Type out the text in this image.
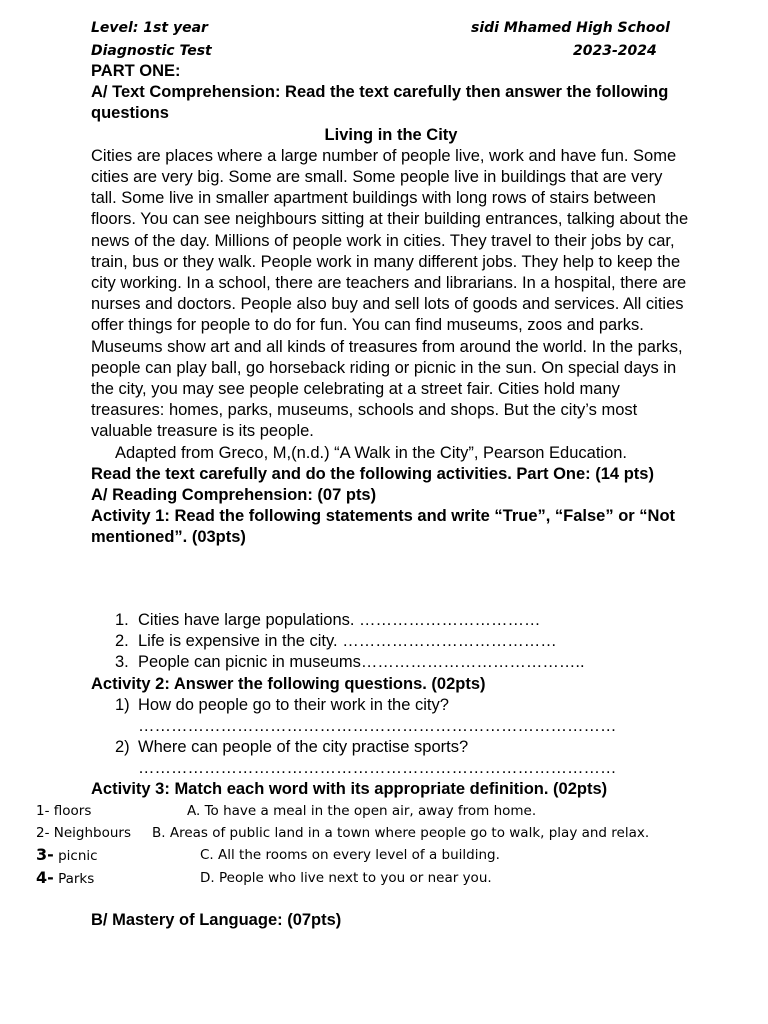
Level: 1st year	sidi Mhamed High School
Diagnostic Test	2023-2024

PART ONE:

A/ Text Comprehension: Read the text carefully then answer the following questions

Living in the City

Cities are places where a large number of people live, work and have fun. Some cities are very big. Some are small. Some people live in buildings that are very tall. Some live in smaller apartment buildings with long rows of stairs between floors. You can see neighbours sitting at their building entrances, talking about the news of the day. Millions of people work in cities. They travel to their jobs by car, train, bus or they walk. People work in many different jobs. They help to keep the city working. In a school, there are teachers and librarians. In a hospital, there are nurses and doctors. People also buy and sell lots of goods and services. All cities offer things for people to do for fun. You can find museums, zoos and parks. Museums show art and all kinds of treasures from around the world. In the parks, people can play ball, go horseback riding or picnic in the sun. On special days in the city, you may see people celebrating at a street fair. Cities hold many treasures: homes, parks, museums, schools and shops. But the city’s most valuable treasure is its people.

Adapted from Greco, M,(n.d.) “A Walk in the City”, Pearson Education.

Read the text carefully and do the following activities. Part One: (14 pts)

A/ Reading Comprehension: (07 pts)

Activity 1: Read the following statements and write “True”, “False” or “Not mentioned”. (03pts)

1. Cities have large populations. ……………………………
2. Life is expensive in the city. …………………………………
3. People can picnic in museums…………………………………..
Activity 2: Answer the following questions. (02pts)
1) How do people go to their work in the city?
……………………………………………………………………………
2) Where can people of the city practise sports?
……………………………………………………………………………
Activity 3: Match each word with its appropriate definition. (02pts)
1- floors	A. To have a meal in the open air, away from home.
2- Neighbours B. Areas of public land in a town where people go to walk, play and relax.
3- picnic	C. All the rooms on every level of a building.
4- Parks	D. People who live next to you or near you.
B/ Mastery of Language: (07pts)
